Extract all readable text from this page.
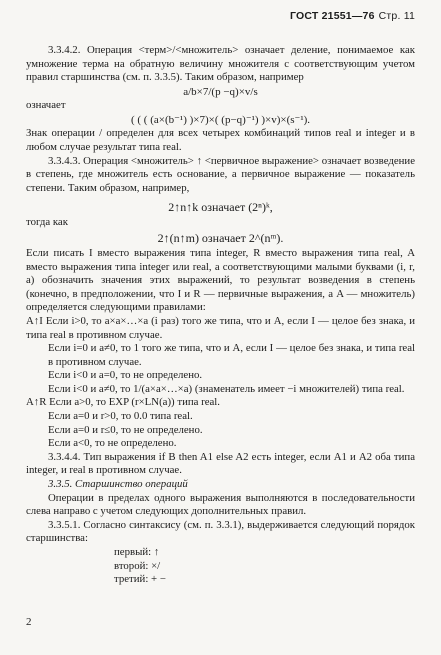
ГОСТ 21551—76 Стр. 11

3.3.4.2. Операция <терм>/<множитель> означает деление, понимаемое как умножение терма на обратную величину множителя с соответствующим учетом правил старшинства (см. п. 3.3.5). Таким образом, например

a/b×7/(p −q)×v/s

означает

( ( ( (a×(b⁻¹) )×7)×( (p−q)⁻¹) )×v)×(s⁻¹).

Знак операции / определен для всех четырех комбинаций типов real и integer и в любом случае результат типа real.

3.3.4.3. Операция <множитель> ↑ <первичное выражение> означает возведение в степень, где множитель есть основание, а первичное выражение — показатель степени. Таким образом, например,

2↑n↑k означает (2ⁿ)ᵏ,

тогда как

2↑(n↑m) означает 2^(nᵐ).

Если писать I вместо выражения типа integer, R вместо выражения типа real, A вместо выражения типа integer или real, а соответствующими малыми буквами (i, r, a) обозначить значения этих выражений, то результат возведения в степень (конечно, в предположении, что I и R — первичные выражения, а A — множитель) определяется следующими правилами:

A↑I Если i>0, то a×a×…×a (i раз) того же типа, что и A, если I — целое без знака, и типа real в противном случае.

Если i=0 и a≠0, то 1 того же типа, что и A, если I — целое без знака, и типа real в противном случае.

Если i<0 и a=0, то не определено.

Если i<0 и a≠0, то 1/(a×a×…×a) (знаменатель имеет −i множителей) типа real.

A↑R Если a>0, то EXP (r×LN(a)) типа real.

Если a=0 и r>0, то 0.0 типа real.

Если a=0 и r≤0, то не определено.

Если a<0, то не определено.

3.3.4.4. Тип выражения if B then A1 else A2 есть integer, если A1 и A2 оба типа integer, и real в противном случае.

3.3.5. Старшинство операций

Операции в пределах одного выражения выполняются в последовательности слева направо с учетом следующих дополнительных правил.

3.3.5.1. Согласно синтаксису (см. п. 3.3.1), выдерживается следующий порядок старшинства:

первый: ↑
второй: ×/
третий: + −
2
